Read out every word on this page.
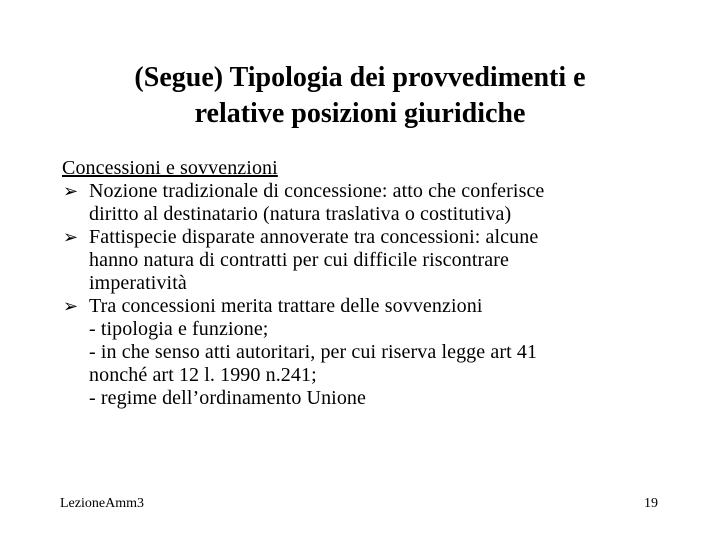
(Segue) Tipologia dei provvedimenti e
relative posizioni giuridiche
Concessioni e sovvenzioni
➢ Nozione tradizionale di concessione: atto che conferisce
diritto al destinatario (natura traslativa o costitutiva)
➢ Fattispecie disparate annoverate tra concessioni: alcune
hanno natura di contratti per cui difficile riscontrare
imperatività
➢ Tra concessioni merita trattare delle sovvenzioni
- tipologia e funzione;
- in che senso atti autoritari, per cui riserva legge art 41
nonché art 12 l. 1990 n.241;
- regime dell’ordinamento Unione
LezioneAmm3	19
